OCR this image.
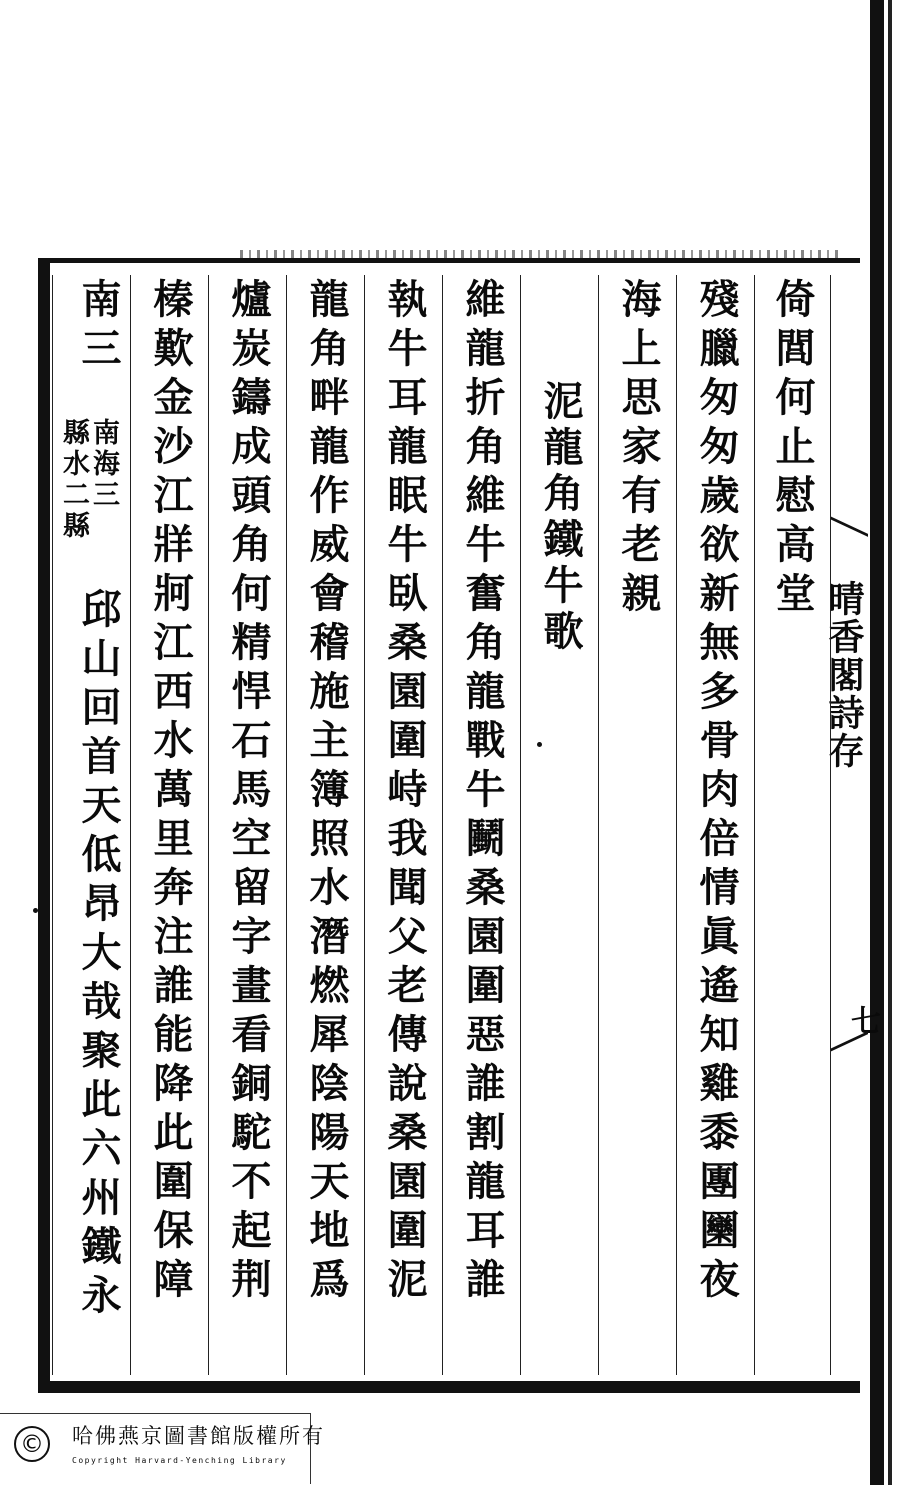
晴香閣詩存
七
倚閭何止慰高堂
殘臘匆匆歲欲新無多骨肉倍情眞遙知雞黍團圞夜
海上思家有老親
泥龍角鐵牛歌
維龍折角維牛奮角龍戰牛鬭桑園圍惡誰割龍耳誰
執牛耳龍眠牛臥桑園圍峙我聞父老傳說桑園圍泥
龍角畔龍作威會稽施主簿照水潛燃犀陰陽天地爲
爐炭鑄成頭角何精悍石馬空留字畫看銅駝不起荆
榛歎金沙江牂牁江西水萬里奔注誰能降此圍保障
南三
南海三
縣水二縣
邱山回首天低昂大哉聚此六州鐵永
© 哈佛燕京圖書館版權所有
Copyright Harvard-Yenching Library
